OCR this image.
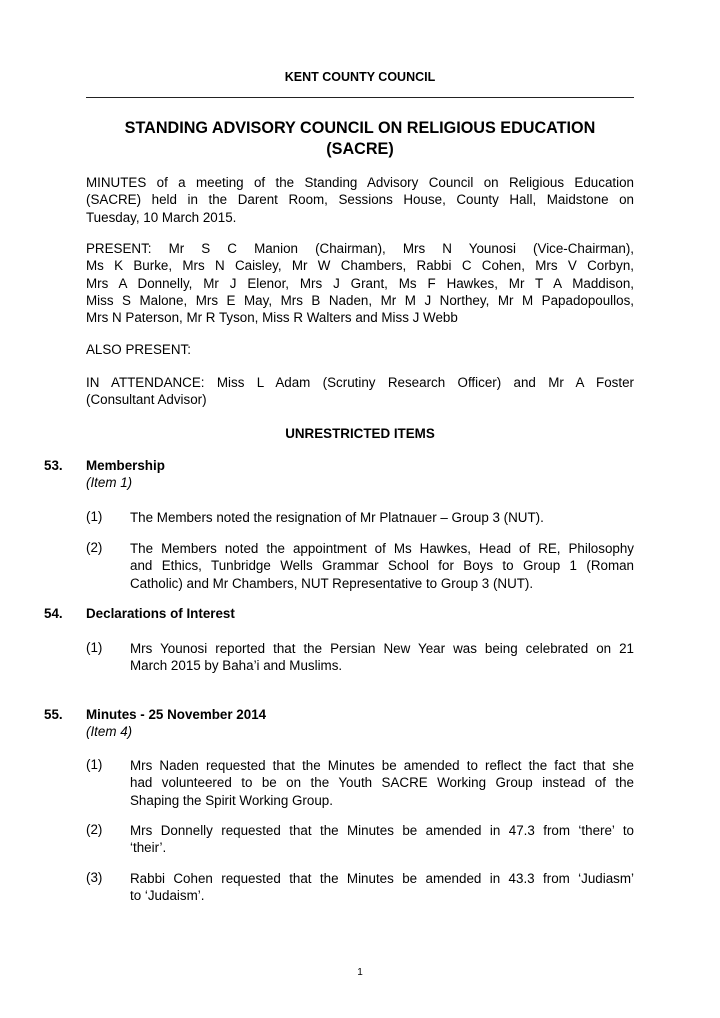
KENT COUNTY COUNCIL
STANDING ADVISORY COUNCIL ON RELIGIOUS EDUCATION
(SACRE)
MINUTES of a meeting of the Standing Advisory Council on Religious Education
(SACRE) held in the Darent Room, Sessions House, County Hall, Maidstone on
Tuesday, 10 March 2015.
PRESENT: Mr S C Manion (Chairman), Mrs N Younosi (Vice-Chairman),
Ms K Burke, Mrs N Caisley, Mr W Chambers, Rabbi C Cohen, Mrs V Corbyn,
Mrs A Donnelly, Mr J Elenor, Mrs J Grant, Ms F Hawkes, Mr T A Maddison,
Miss S Malone, Mrs E May, Mrs B Naden, Mr M J Northey, Mr M Papadopoullos,
Mrs N Paterson, Mr R Tyson, Miss R Walters and Miss J Webb
ALSO PRESENT:
IN ATTENDANCE: Miss L Adam (Scrutiny Research Officer) and Mr A Foster
(Consultant Advisor)
UNRESTRICTED ITEMS
53. Membership
(Item 1)
(1) The Members noted the resignation of Mr Platnauer – Group 3 (NUT).
(2) The Members noted the appointment of Ms Hawkes, Head of RE, Philosophy
and Ethics, Tunbridge Wells Grammar School for Boys to Group 1 (Roman
Catholic) and Mr Chambers, NUT Representative to Group 3 (NUT).
54. Declarations of Interest
(1) Mrs Younosi reported that the Persian New Year was being celebrated on 21
March 2015 by Baha’i and Muslims.
55. Minutes - 25 November 2014
(Item 4)
(1) Mrs Naden requested that the Minutes be amended to reflect the fact that she
had volunteered to be on the Youth SACRE Working Group instead of the
Shaping the Spirit Working Group.
(2) Mrs Donnelly requested that the Minutes be amended in 47.3 from ‘there’ to
‘their’.
(3) Rabbi Cohen requested that the Minutes be amended in 43.3 from ‘Judiasm’
to ‘Judaism’.
1
